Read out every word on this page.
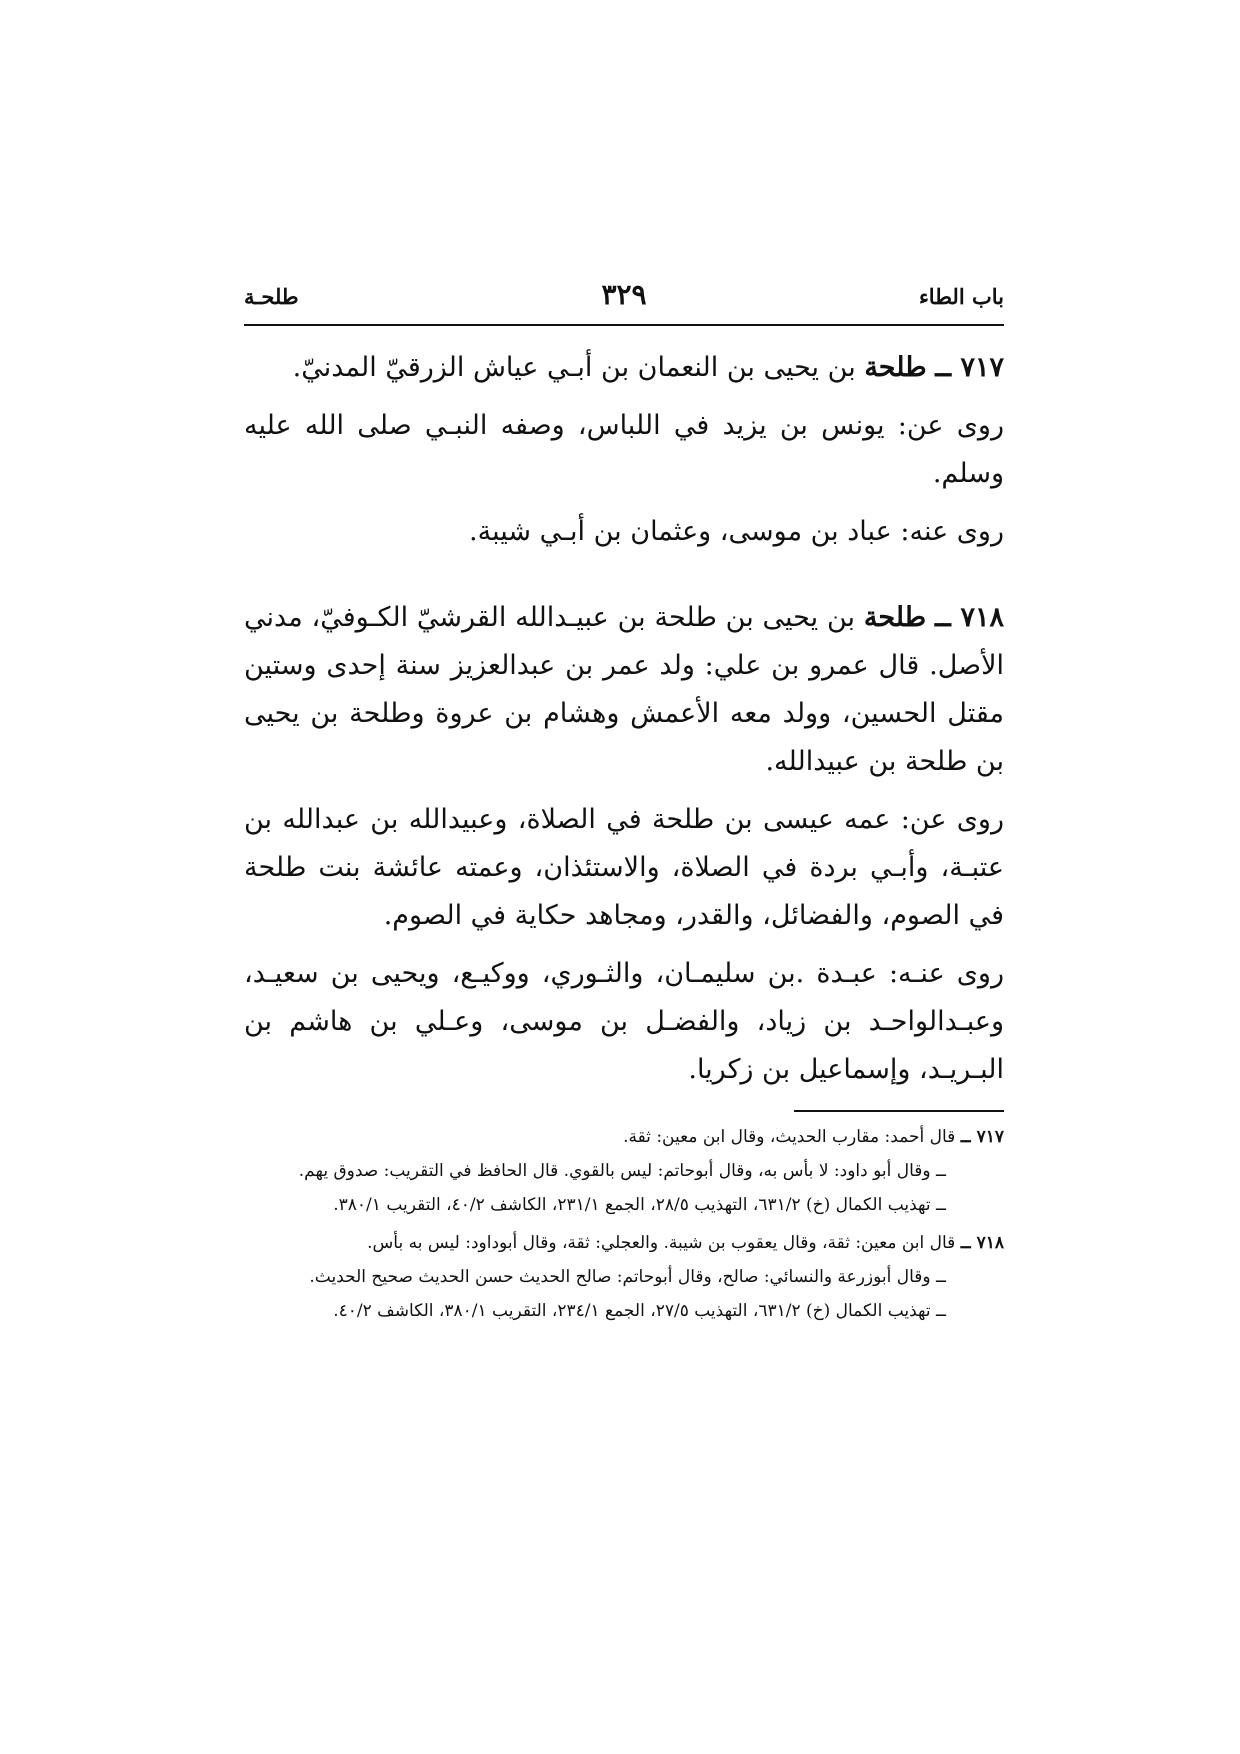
باب الطاء
٣٢٩
طلحـة

٧١٧ ــ طلحة بن يحيى بن النعمان بن أبـي عياش الزرقيّ المدنيّ.

روى عن: يونس بن يزيد في اللباس، وصفه النبـي صلى الله عليه وسلم.

روى عنه: عباد بن موسى، وعثمان بن أبـي شيبة.

٧١٨ ــ طلحة بن يحيى بن طلحة بن عبيـدالله القرشيّ الكـوفيّ، مدني الأصل. قال عمرو بن علي: ولد عمر بن عبدالعزيز سنة إحدى وستين مقتل الحسين، وولد معه الأعمش وهشام بن عروة وطلحة بن يحيى بن طلحة بن عبيدالله.

روى عن: عمه عيسى بن طلحة في الصلاة، وعبيدالله بن عبدالله بن عتبـة، وأبـي بردة في الصلاة، والاستئذان، وعمته عائشة بنت طلحة في الصوم، والفضائل، والقدر، ومجاهد حكاية في الصوم.

روى عنـه: عبـدة .بن سليمـان، والثـوري، ووكيـع، ويحيى بن سعيـد، وعبـدالواحـد بن زياد، والفضـل بن موسى، وعـلي بن هاشم بن البـريـد، وإسماعيل بن زكريا.

٧١٧ ــ قال أحمد: مقارب الحديث، وقال ابن معين: ثقة.

ــ وقال أبو داود: لا بأس به، وقال أبوحاتم: ليس بالقوي. قال الحافظ في التقريب: صدوق يهم.

ــ تهذيب الكمال (خ) ٦٣١/٢، التهذيب ٢٨/٥، الجمع ٢٣١/١، الكاشف ٤٠/٢، التقريب ٣٨٠/١.

٧١٨ ــ قال ابن معين: ثقة، وقال يعقوب بن شيبة. والعجلي: ثقة، وقال أبوداود: ليس به بأس.

ــ وقال أبوزرعة والنسائي: صالح، وقال أبوحاتم: صالح الحديث حسن الحديث صحيح الحديث.

ــ تهذيب الكمال (خ) ٦٣١/٢، التهذيب ٢٧/٥، الجمع ٢٣٤/١، التقريب ٣٨٠/١، الكاشف ٤٠/٢.
